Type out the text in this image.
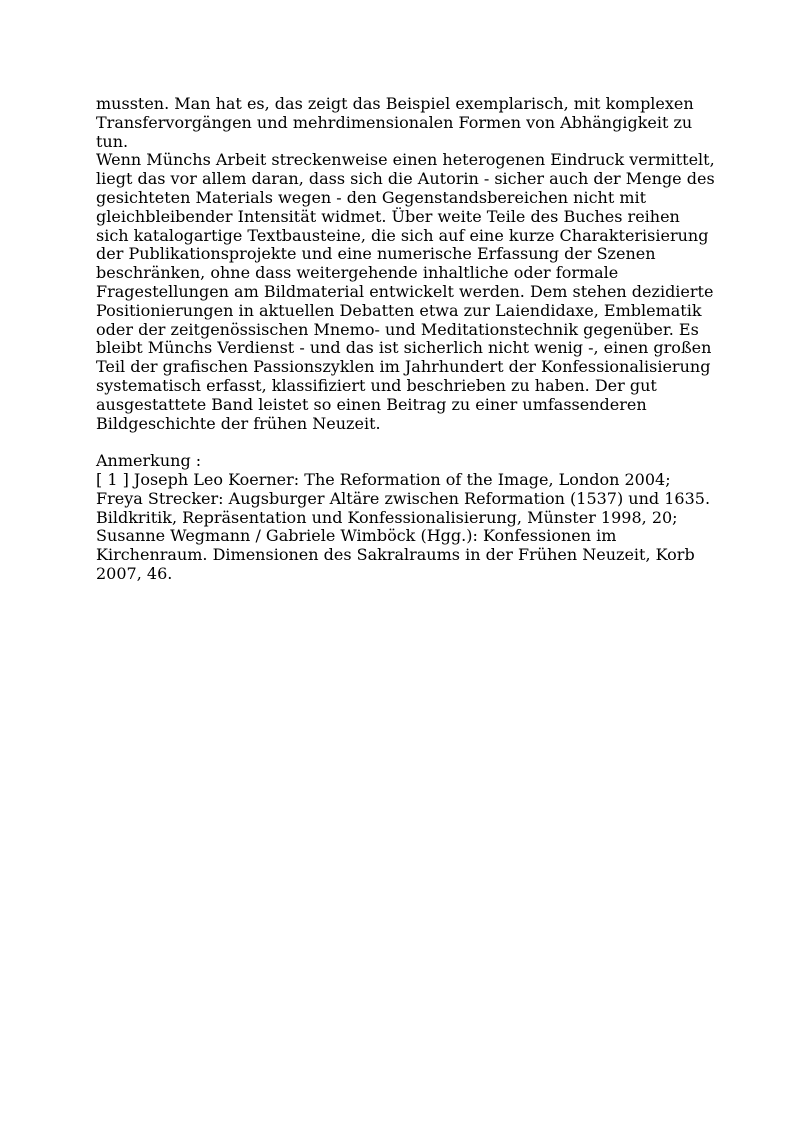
mussten. Man hat es, das zeigt das Beispiel exemplarisch, mit komplexen Transfervorgängen und mehrdimensionalen Formen von Abhängigkeit zu tun.

Wenn Münchs Arbeit streckenweise einen heterogenen Eindruck vermittelt, liegt das vor allem daran, dass sich die Autorin - sicher auch der Menge des gesichteten Materials wegen - den Gegenstandsbereichen nicht mit gleichbleibender Intensität widmet. Über weite Teile des Buches reihen sich katalogartige Textbausteine, die sich auf eine kurze Charakterisierung der Publikationsprojekte und eine numerische Erfassung der Szenen beschränken, ohne dass weitergehende inhaltliche oder formale Fragestellungen am Bildmaterial entwickelt werden. Dem stehen dezidierte Positionierungen in aktuellen Debatten etwa zur Laiendidaxe, Emblematik oder der zeitgenössischen Mnemo- und Meditationstechnik gegenüber. Es bleibt Münchs Verdienst - und das ist sicherlich nicht wenig -, einen großen Teil der grafischen Passionszyklen im Jahrhundert der Konfessionalisierung systematisch erfasst, klassifiziert und beschrieben zu haben. Der gut ausgestattete Band leistet so einen Beitrag zu einer umfassenderen Bildgeschichte der frühen Neuzeit.

Anmerkung :

[ 1 ] Joseph Leo Koerner: The Reformation of the Image, London 2004; Freya Strecker: Augsburger Altäre zwischen Reformation (1537) und 1635. Bildkritik, Repräsentation und Konfessionalisierung, Münster 1998, 20; Susanne Wegmann / Gabriele Wimböck (Hgg.): Konfessionen im Kirchenraum. Dimensionen des Sakralraums in der Frühen Neuzeit, Korb 2007, 46.
